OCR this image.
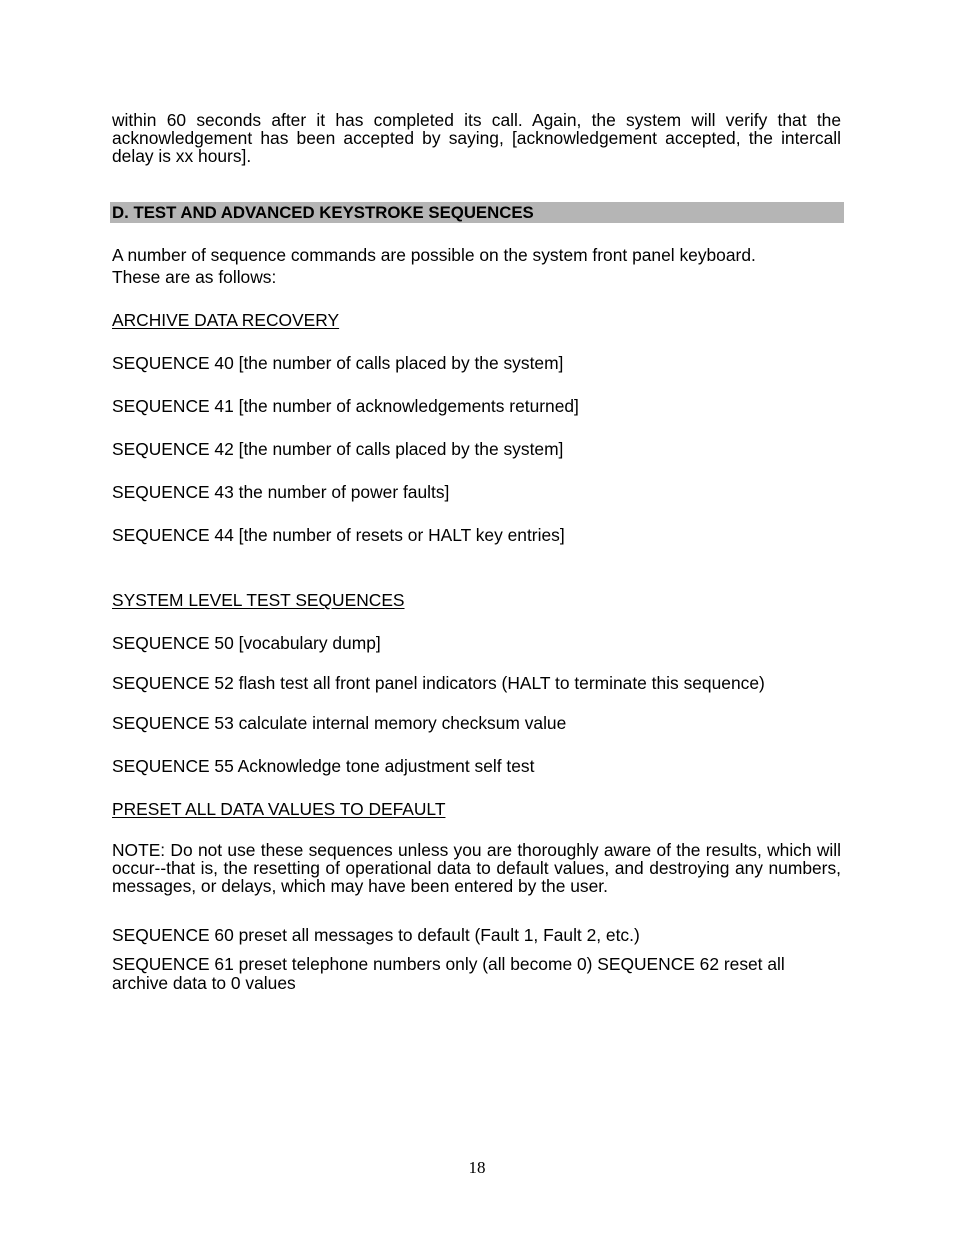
within 60 seconds after it has completed its call. Again, the system will verify that the acknowledgement has been accepted by saying, [acknowledgement accepted, the intercall delay is xx hours].

D. TEST AND ADVANCED KEYSTROKE SEQUENCES

A number of sequence commands are possible on the system front panel keyboard.

These are as follows:

ARCHIVE DATA RECOVERY

SEQUENCE 40 [the number of calls placed by the system]

SEQUENCE 41 [the number of acknowledgements returned]

SEQUENCE 42 [the number of calls placed by the system]

SEQUENCE 43 the number of power faults]

SEQUENCE 44 [the number of resets or HALT key entries]

SYSTEM LEVEL TEST SEQUENCES

SEQUENCE 50 [vocabulary dump]

SEQUENCE 52 flash test all front panel indicators (HALT to terminate this sequence)

SEQUENCE 53 calculate internal memory checksum value

SEQUENCE 55 Acknowledge tone adjustment self test

PRESET ALL DATA VALUES TO DEFAULT

NOTE: Do not use these sequences unless you are thoroughly aware of the results, which will occur--that is, the resetting of operational data to default values, and destroying any numbers, messages, or delays, which may have been entered by the user.

SEQUENCE 60 preset all messages to default (Fault 1, Fault 2, etc.)

SEQUENCE 61 preset telephone numbers only (all become 0) SEQUENCE 62 reset all archive data to 0 values

18
